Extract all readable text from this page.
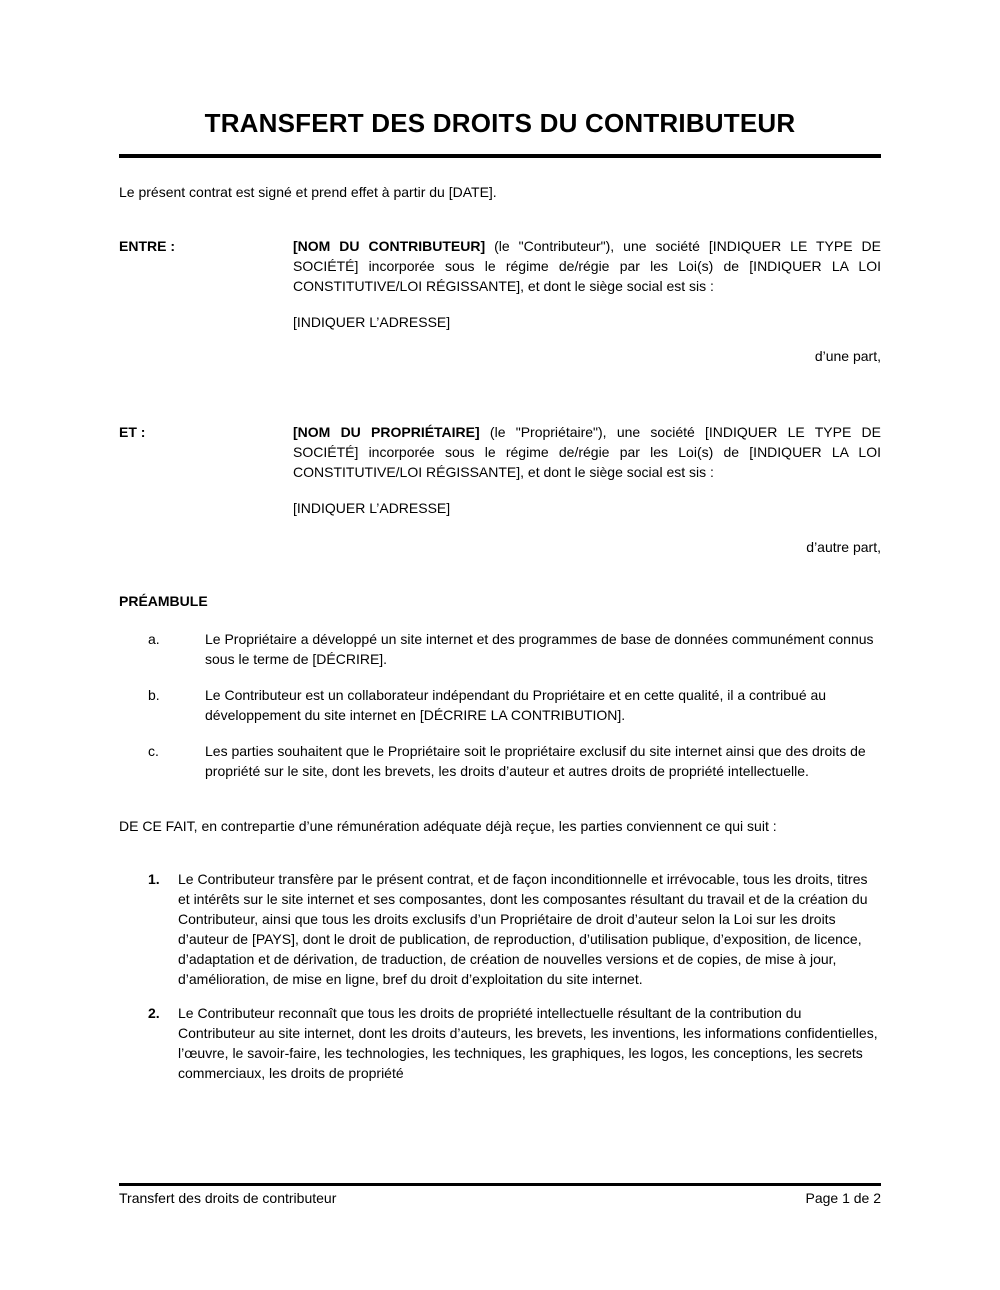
TRANSFERT DES DROITS DU CONTRIBUTEUR

Le présent contrat est signé et prend effet à partir du [DATE].

ENTRE :	[NOM DU CONTRIBUTEUR] (le "Contributeur"), une société [INDIQUER LE TYPE DE SOCIÉTÉ] incorporée sous le régime de/régie par les Loi(s) de [INDIQUER LA LOI CONSTITUTIVE/LOI RÉGISSANTE], et dont le siège social est sis :

[INDIQUER L’ADRESSE]

d’une part,
ET :	[NOM DU PROPRIÉTAIRE] (le "Propriétaire"), une société [INDIQUER LE TYPE DE SOCIÉTÉ] incorporée sous le régime de/régie par les Loi(s) de [INDIQUER LA LOI CONSTITUTIVE/LOI RÉGISSANTE], et dont le siège social est sis :

[INDIQUER L’ADRESSE]

d’autre part,
PRÉAMBULE
a.	Le Propriétaire a développé un site internet et des programmes de base de données communément connus sous le terme de [DÉCRIRE].
b.	Le Contributeur est un collaborateur indépendant du Propriétaire et en cette qualité, il a contribué au développement du site internet en [DÉCRIRE LA CONTRIBUTION].
c.	Les parties souhaitent que le Propriétaire soit le propriétaire exclusif du site internet ainsi que des droits de propriété sur le site, dont les brevets, les droits d’auteur et autres droits de propriété intellectuelle.

DE CE FAIT, en contrepartie d’une rémunération adéquate déjà reçue, les parties conviennent ce qui suit :

1. Le Contributeur transfère par le présent contrat, et de façon inconditionnelle et irrévocable, tous les droits, titres et intérêts sur le site internet et ses composantes, dont les composantes résultant du travail et de la création du Contributeur, ainsi que tous les droits exclusifs d’un Propriétaire de droit d’auteur selon la Loi sur les droits d’auteur de [PAYS], dont le droit de publication, de reproduction, d’utilisation publique, d’exposition, de licence, d’adaptation et de dérivation, de traduction, de création de nouvelles versions et de copies, de mise à jour, d’amélioration, de mise en ligne, bref du droit d’exploitation du site internet.
2. Le Contributeur reconnaît que tous les droits de propriété intellectuelle résultant de la contribution du Contributeur au site internet, dont les droits d’auteurs, les brevets, les inventions, les informations confidentielles, l’œuvre, le savoir-faire, les technologies, les techniques, les graphiques, les logos, les conceptions, les secrets commerciaux, les droits de propriété
Transfert des droits de contributeur	Page 1 de 2
